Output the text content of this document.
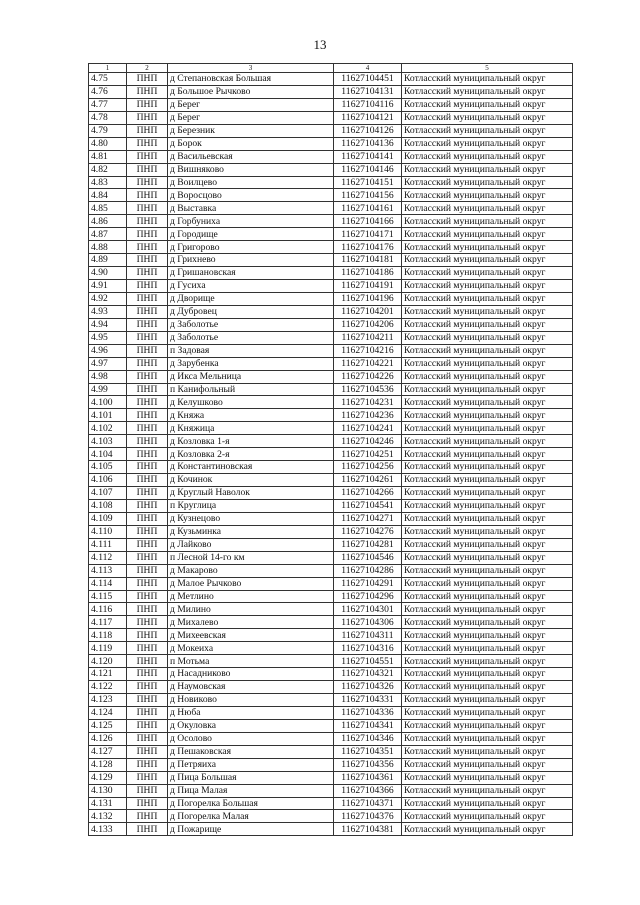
13
1	2	3	4	5
4.75	ПНП	д Степановская Большая	11627104451	Котласский муниципальный округ
4.76	ПНП	д Большое Рычково	11627104131	Котласский муниципальный округ
4.77	ПНП	д Берег	11627104116	Котласский муниципальный округ
4.78	ПНП	д Берег	11627104121	Котласский муниципальный округ
4.79	ПНП	д Березник	11627104126	Котласский муниципальный округ
4.80	ПНП	д Борок	11627104136	Котласский муниципальный округ
4.81	ПНП	д Васильевская	11627104141	Котласский муниципальный округ
4.82	ПНП	д Вишняково	11627104146	Котласский муниципальный округ
4.83	ПНП	д Воилцево	11627104151	Котласский муниципальный округ
4.84	ПНП	д Воросцово	11627104156	Котласский муниципальный округ
4.85	ПНП	д Выставка	11627104161	Котласский муниципальный округ
4.86	ПНП	д Горбуниха	11627104166	Котласский муниципальный округ
4.87	ПНП	д Городище	11627104171	Котласский муниципальный округ
4.88	ПНП	д Григорово	11627104176	Котласский муниципальный округ
4.89	ПНП	д Грихнево	11627104181	Котласский муниципальный округ
4.90	ПНП	д Гришановская	11627104186	Котласский муниципальный округ
4.91	ПНП	д Гусиха	11627104191	Котласский муниципальный округ
4.92	ПНП	д Дворище	11627104196	Котласский муниципальный округ
4.93	ПНП	д Дубровец	11627104201	Котласский муниципальный округ
4.94	ПНП	д Заболотье	11627104206	Котласский муниципальный округ
4.95	ПНП	д Заболотье	11627104211	Котласский муниципальный округ
4.96	ПНП	п Задовая	11627104216	Котласский муниципальный округ
4.97	ПНП	д Зарубенка	11627104221	Котласский муниципальный округ
4.98	ПНП	д Икса Мельница	11627104226	Котласский муниципальный округ
4.99	ПНП	п Канифольный	11627104536	Котласский муниципальный округ
4.100	ПНП	д Келушково	11627104231	Котласский муниципальный округ
4.101	ПНП	д Княжа	11627104236	Котласский муниципальный округ
4.102	ПНП	д Княжица	11627104241	Котласский муниципальный округ
4.103	ПНП	д Козловка 1-я	11627104246	Котласский муниципальный округ
4.104	ПНП	д Козловка 2-я	11627104251	Котласский муниципальный округ
4.105	ПНП	д Константиновская	11627104256	Котласский муниципальный округ
4.106	ПНП	д Кочинок	11627104261	Котласский муниципальный округ
4.107	ПНП	д Круглый Наволок	11627104266	Котласский муниципальный округ
4.108	ПНП	п Круглица	11627104541	Котласский муниципальный округ
4.109	ПНП	д Кузнецово	11627104271	Котласский муниципальный округ
4.110	ПНП	д Кузьминка	11627104276	Котласский муниципальный округ
4.111	ПНП	д Лайково	11627104281	Котласский муниципальный округ
4.112	ПНП	п Лесной 14-го км	11627104546	Котласский муниципальный округ
4.113	ПНП	д Макарово	11627104286	Котласский муниципальный округ
4.114	ПНП	д Малое Рычково	11627104291	Котласский муниципальный округ
4.115	ПНП	д Метлино	11627104296	Котласский муниципальный округ
4.116	ПНП	д Милино	11627104301	Котласский муниципальный округ
4.117	ПНП	д Михалево	11627104306	Котласский муниципальный округ
4.118	ПНП	д Михеевская	11627104311	Котласский муниципальный округ
4.119	ПНП	д Мокеиха	11627104316	Котласский муниципальный округ
4.120	ПНП	п Мотьма	11627104551	Котласский муниципальный округ
4.121	ПНП	д Насадниково	11627104321	Котласский муниципальный округ
4.122	ПНП	д Наумовская	11627104326	Котласский муниципальный округ
4.123	ПНП	д Новиково	11627104331	Котласский муниципальный округ
4.124	ПНП	д Нюба	11627104336	Котласский муниципальный округ
4.125	ПНП	д Окуловка	11627104341	Котласский муниципальный округ
4.126	ПНП	д Осолово	11627104346	Котласский муниципальный округ
4.127	ПНП	д Пешаковская	11627104351	Котласский муниципальный округ
4.128	ПНП	д Петряиха	11627104356	Котласский муниципальный округ
4.129	ПНП	д Пица Большая	11627104361	Котласский муниципальный округ
4.130	ПНП	д Пица Малая	11627104366	Котласский муниципальный округ
4.131	ПНП	д Погорелка Большая	11627104371	Котласский муниципальный округ
4.132	ПНП	д Погорелка Малая	11627104376	Котласский муниципальный округ
4.133	ПНП	д Пожарище	11627104381	Котласский муниципальный округ
